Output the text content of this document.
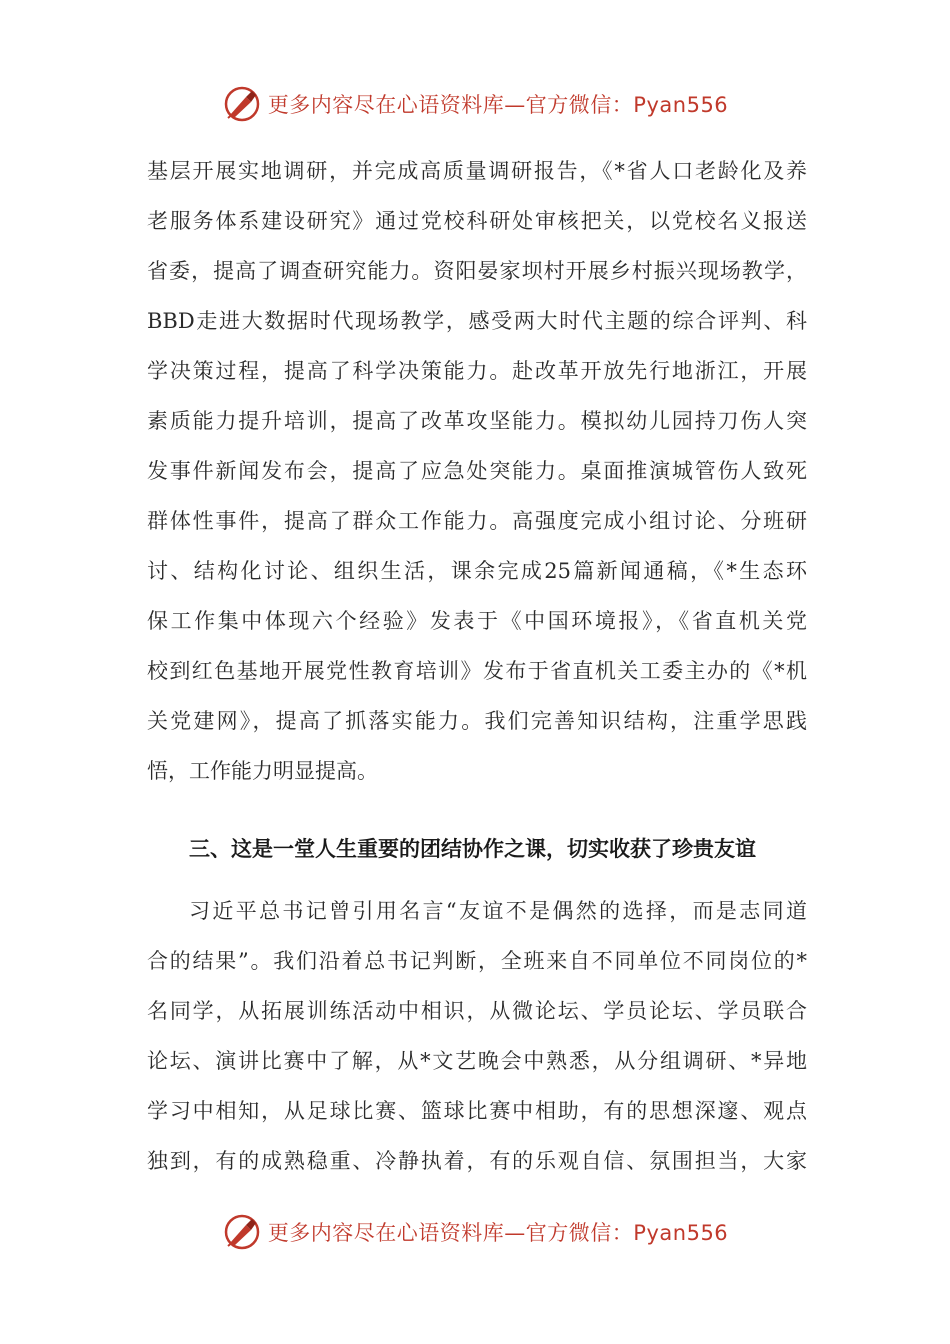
更多内容尽在心语资料库—官方微信：Pyan556
基层开展实地调研，并完成高质量调研报告，《*省人口老龄化及养
老服务体系建设研究》通过党校科研处审核把关，以党校名义报送
省委，提高了调查研究能力。资阳晏家坝村开展乡村振兴现场教学，
BBD走进大数据时代现场教学，感受两大时代主题的综合评判、科
学决策过程，提高了科学决策能力。赴改革开放先行地浙江，开展
素质能力提升培训，提高了改革攻坚能力。模拟幼儿园持刀伤人突
发事件新闻发布会，提高了应急处突能力。桌面推演城管伤人致死
群体性事件，提高了群众工作能力。高强度完成小组讨论、分班研
讨、结构化讨论、组织生活，课余完成25篇新闻通稿，《*生态环
保工作集中体现六个经验》发表于《中国环境报》，《省直机关党
校到红色基地开展党性教育培训》发布于省直机关工委主办的《*机
关党建网》，提高了抓落实能力。我们完善知识结构，注重学思践
悟，工作能力明显提高。
三、这是一堂人生重要的团结协作之课，切实收获了珍贵友谊
习近平总书记曾引用名言“友谊不是偶然的选择，而是志同道
合的结果”。我们沿着总书记判断，全班来自不同单位不同岗位的*
名同学，从拓展训练活动中相识，从微论坛、学员论坛、学员联合
论坛、演讲比赛中了解，从*文艺晚会中熟悉，从分组调研、*异地
学习中相知，从足球比赛、篮球比赛中相助，有的思想深邃、观点
独到，有的成熟稳重、冷静执着，有的乐观自信、氛围担当，大家
更多内容尽在心语资料库—官方微信：Pyan556
